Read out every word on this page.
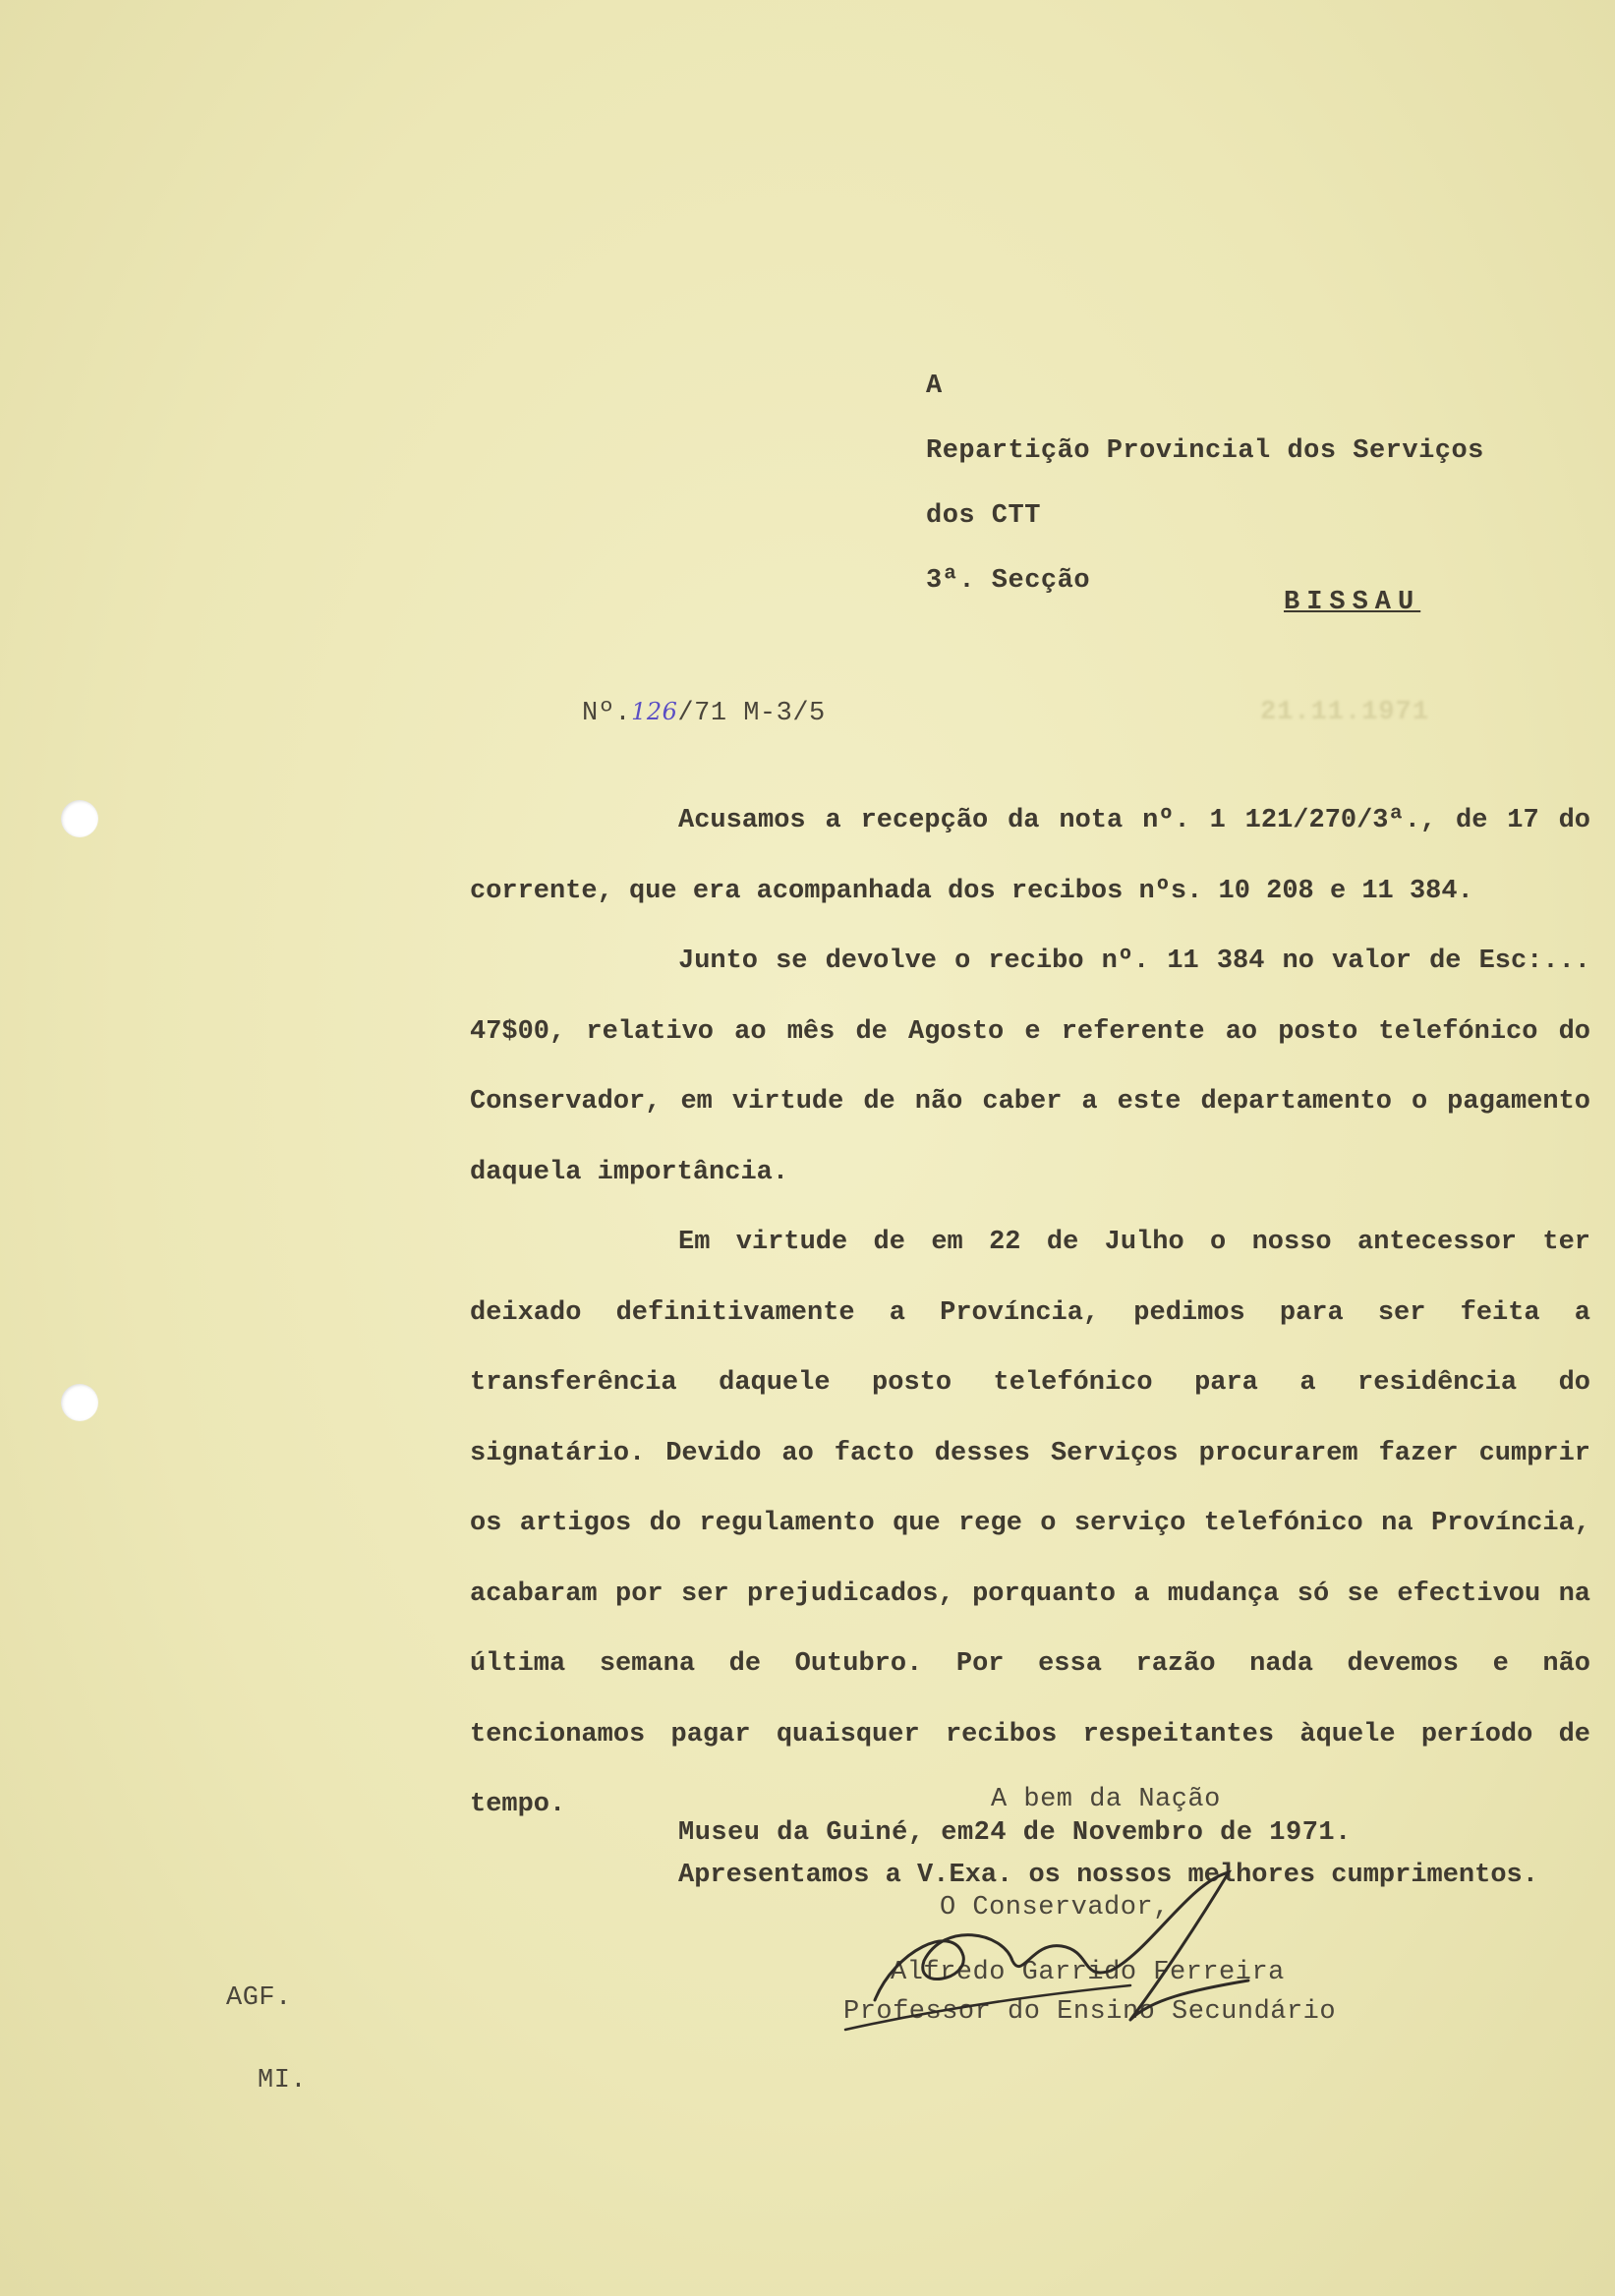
A
Repartição Provincial dos Serviços
dos CTT
3ª. Secção
BISSAU
Nº.126/71 M-3/5	21.11.1971

Acusamos a recepção da nota nº. 1 121/270/3ª., de 17 do corrente, que era acompanhada dos recibos nºs. 10 208 e 11 384.

Junto se devolve o recibo nº. 11 384 no valor de Esc:... 47$00, relativo ao mês de Agosto e referente ao posto telefónico do Conservador, em virtude de não caber a este departamento o pagamento daquela importância.

Em virtude de em 22 de Julho o nosso antecessor ter deixado definitivamente a Província, pedimos para ser feita a transferência daquele posto telefónico para a residência do signatário. Devido ao facto desses Serviços procurarem fazer cumprir os artigos do regulamento que rege o serviço telefónico na Província, acabaram por ser prejudicados, porquanto a mudança só se efectivou na última semana de Outubro. Por essa razão nada devemos e não tencionamos pagar quaisquer recibos respeitantes àquele período de tempo.

Apresentamos a V.Exa. os nossos melhores cumprimentos.

A bem da Nação
Museu da Guiné, em24 de Novembro de 1971.
O Conservador,
Alfredo Garrido Ferreira
Professor do Ensino Secundário
AGF.
MI.
